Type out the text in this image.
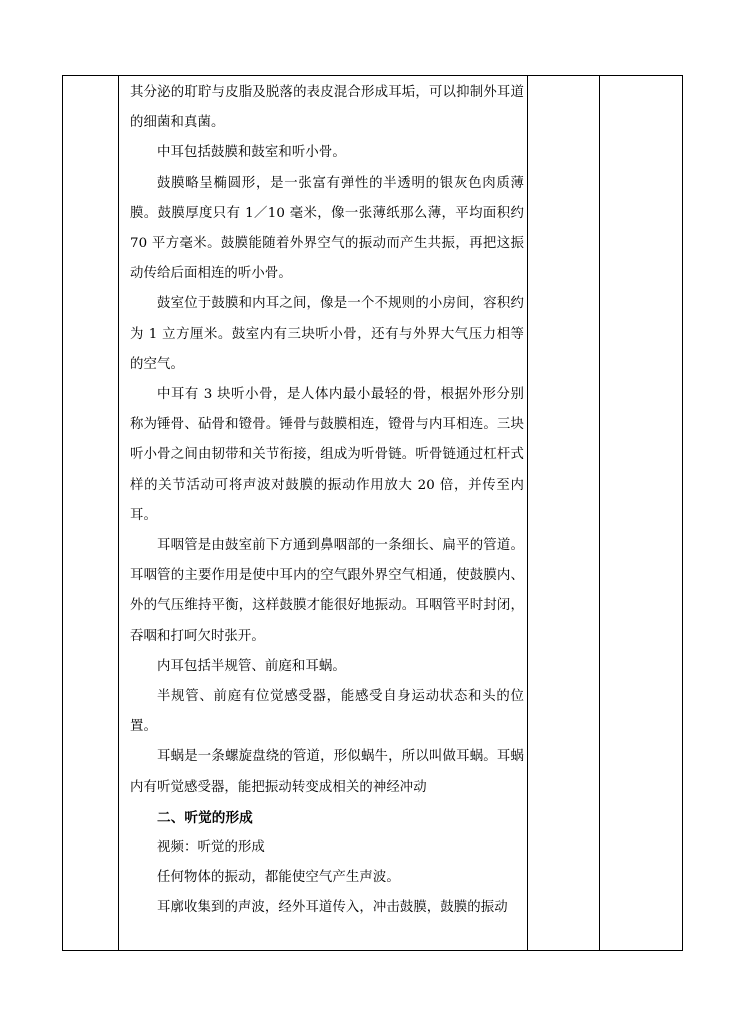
其分泌的耵聍与皮脂及脱落的表皮混合形成耳垢，可以抑制外耳道的细菌和真菌。

中耳包括鼓膜和鼓室和听小骨。

鼓膜略呈椭圆形，是一张富有弹性的半透明的银灰色肉质薄膜。鼓膜厚度只有 1／10 毫米，像一张薄纸那么薄，平均面积约 70 平方毫米。鼓膜能随着外界空气的振动而产生共振，再把这振动传给后面相连的听小骨。

鼓室位于鼓膜和内耳之间，像是一个不规则的小房间，容积约为 1 立方厘米。鼓室内有三块听小骨，还有与外界大气压力相等的空气。

中耳有 3 块听小骨，是人体内最小最轻的骨，根据外形分别称为锤骨、砧骨和镫骨。锤骨与鼓膜相连，镫骨与内耳相连。三块听小骨之间由韧带和关节衔接，组成为听骨链。听骨链通过杠杆式样的关节活动可将声波对鼓膜的振动作用放大 20 倍，并传至内耳。

耳咽管是由鼓室前下方通到鼻咽部的一条细长、扁平的管道。耳咽管的主要作用是使中耳内的空气跟外界空气相通，使鼓膜内、外的气压维持平衡，这样鼓膜才能很好地振动。耳咽管平时封闭，吞咽和打呵欠时张开。

内耳包括半规管、前庭和耳蜗。

半规管、前庭有位觉感受器，能感受自身运动状态和头的位置。

耳蜗是一条螺旋盘绕的管道，形似蜗牛，所以叫做耳蜗。耳蜗内有听觉感受器，能把振动转变成相关的神经冲动

二、听觉的形成

视频：听觉的形成

任何物体的振动，都能使空气产生声波。

耳廓收集到的声波，经外耳道传入，冲击鼓膜，鼓膜的振动
